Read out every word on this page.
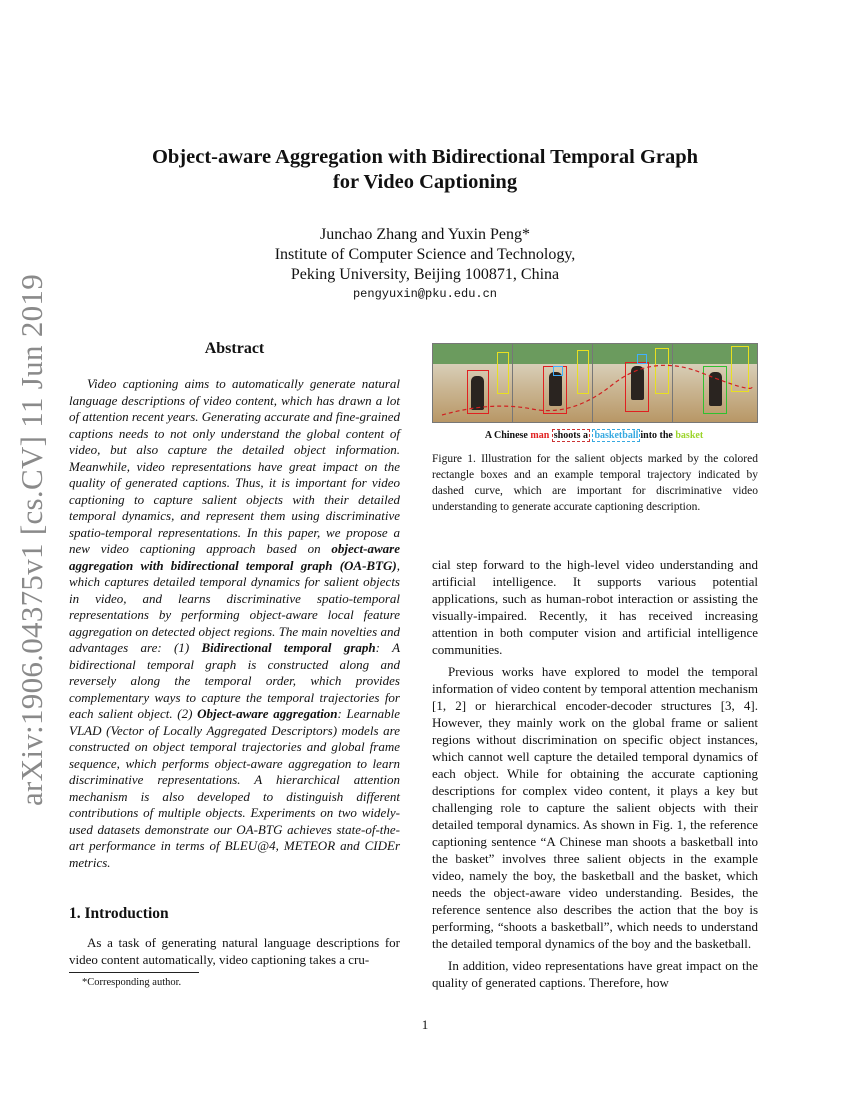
arXiv:1906.04375v1 [cs.CV] 11 Jun 2019
Object-aware Aggregation with Bidirectional Temporal Graph
for Video Captioning
Junchao Zhang and Yuxin Peng*
Institute of Computer Science and Technology,
Peking University, Beijing 100871, China
pengyuxin@pku.edu.cn
Abstract

Video captioning aims to automatically generate natural language descriptions of video content, which has drawn a lot of attention recent years. Generating accurate and fine-grained captions needs to not only understand the global content of video, but also capture the detailed object information. Meanwhile, video representations have great impact on the quality of generated captions. Thus, it is important for video captioning to capture salient objects with their detailed temporal dynamics, and represent them using discriminative spatio-temporal representations. In this paper, we propose a new video captioning approach based on object-aware aggregation with bidirectional temporal graph (OA-BTG), which captures detailed temporal dynamics for salient objects in video, and learns discriminative spatio-temporal representations by performing object-aware local feature aggregation on detected object regions. The main novelties and advantages are: (1) Bidirectional temporal graph: A bidirectional temporal graph is constructed along and reversely along the temporal order, which provides complementary ways to capture the temporal trajectories for each salient object. (2) Object-aware aggregation: Learnable VLAD (Vector of Locally Aggregated Descriptors) models are constructed on object temporal trajectories and global frame sequence, which performs object-aware aggregation to learn discriminative representations. A hierarchical attention mechanism is also developed to distinguish different contributions of multiple objects. Experiments on two widely-used datasets demonstrate our OA-BTG achieves state-of-the-art performance in terms of BLEU@4, METEOR and CIDEr metrics.

1. Introduction

As a task of generating natural language descriptions for video content automatically, video captioning takes a cru-

*Corresponding author.
A Chinese man shoots a basketball into the basket
Figure 1. Illustration for the salient objects marked by the colored rectangle boxes and an example temporal trajectory indicated by dashed curve, which are important for discriminative video understanding to generate accurate captioning description.

cial step forward to the high-level video understanding and artificial intelligence. It supports various potential applications, such as human-robot interaction or assisting the visually-impaired. Recently, it has received increasing attention in both computer vision and artificial intelligence communities.

Previous works have explored to model the temporal information of video content by temporal attention mechanism [1, 2] or hierarchical encoder-decoder structures [3, 4]. However, they mainly work on the global frame or salient regions without discrimination on specific object instances, which cannot well capture the detailed temporal dynamics of each object. While for obtaining the accurate captioning descriptions for complex video content, it plays a key but challenging role to capture the salient objects with their detailed temporal dynamics. As shown in Fig. 1, the reference captioning sentence “A Chinese man shoots a basketball into the basket” involves three salient objects in the example video, namely the boy, the basketball and the basket, which needs the object-aware video understanding. Besides, the reference sentence also describes the action that the boy is performing, “shoots a basketball”, which needs to understand the detailed temporal dynamics of the boy and the basketball.

In addition, video representations have great impact on the quality of generated captions. Therefore, how

1
